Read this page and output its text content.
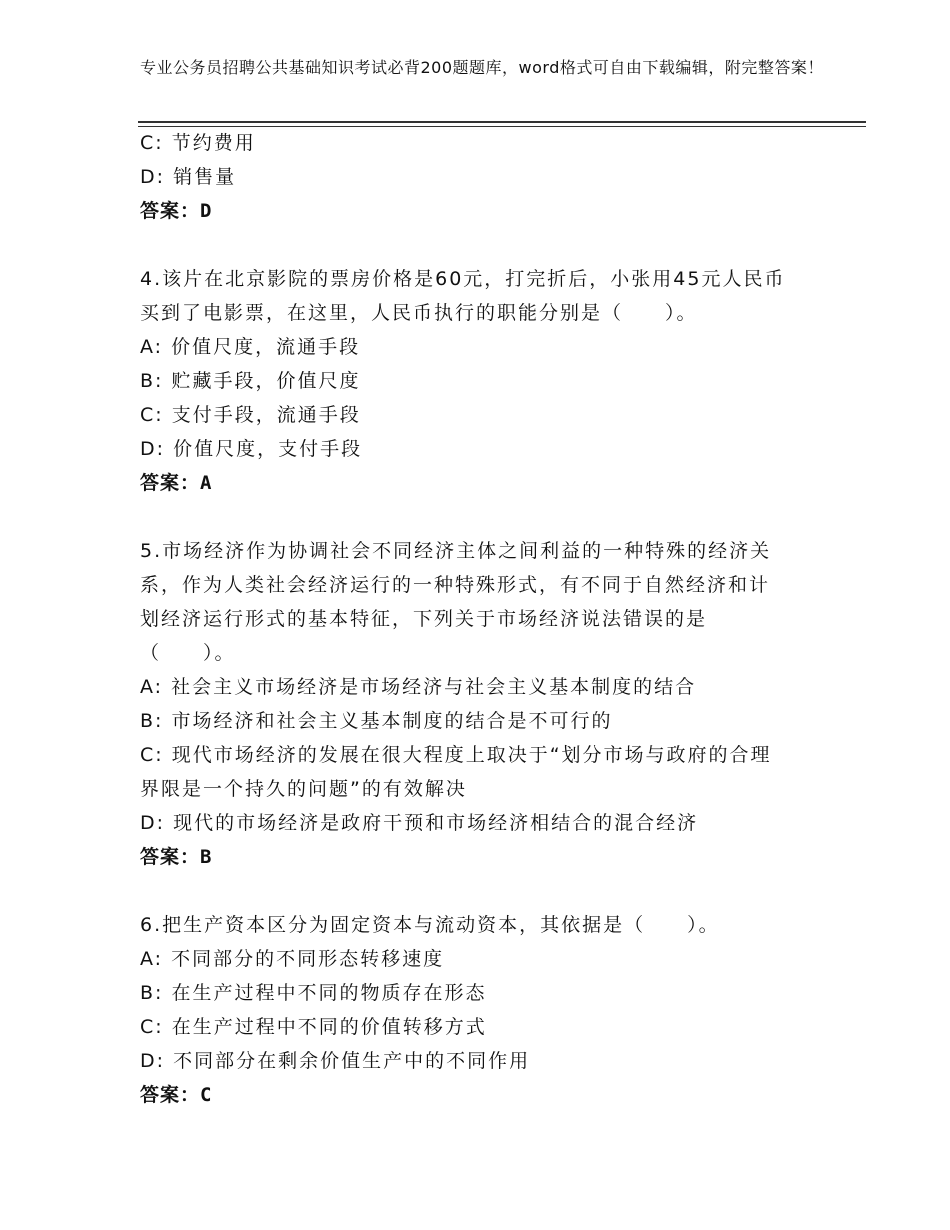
专业公务员招聘公共基础知识考试必背200题题库，word格式可自由下载编辑，附完整答案！
C: 节约费用
D: 销售量
答案：D
4.该片在北京影院的票房价格是60元，打完折后，小张用45元人民币
买到了电影票，在这里，人民币执行的职能分别是（　　）。
A: 价值尺度，流通手段
B: 贮藏手段，价值尺度
C: 支付手段，流通手段
D: 价值尺度，支付手段
答案：A
5.市场经济作为协调社会不同经济主体之间利益的一种特殊的经济关
系，作为人类社会经济运行的一种特殊形式，有不同于自然经济和计
划经济运行形式的基本特征，下列关于市场经济说法错误的是
（　　）。
A: 社会主义市场经济是市场经济与社会主义基本制度的结合
B: 市场经济和社会主义基本制度的结合是不可行的
C: 现代市场经济的发展在很大程度上取决于“划分市场与政府的合理
界限是一个持久的问题”的有效解决
D: 现代的市场经济是政府干预和市场经济相结合的混合经济
答案：B
6.把生产资本区分为固定资本与流动资本，其依据是（　　）。
A: 不同部分的不同形态转移速度
B: 在生产过程中不同的物质存在形态
C: 在生产过程中不同的价值转移方式
D: 不同部分在剩余价值生产中的不同作用
答案：C
